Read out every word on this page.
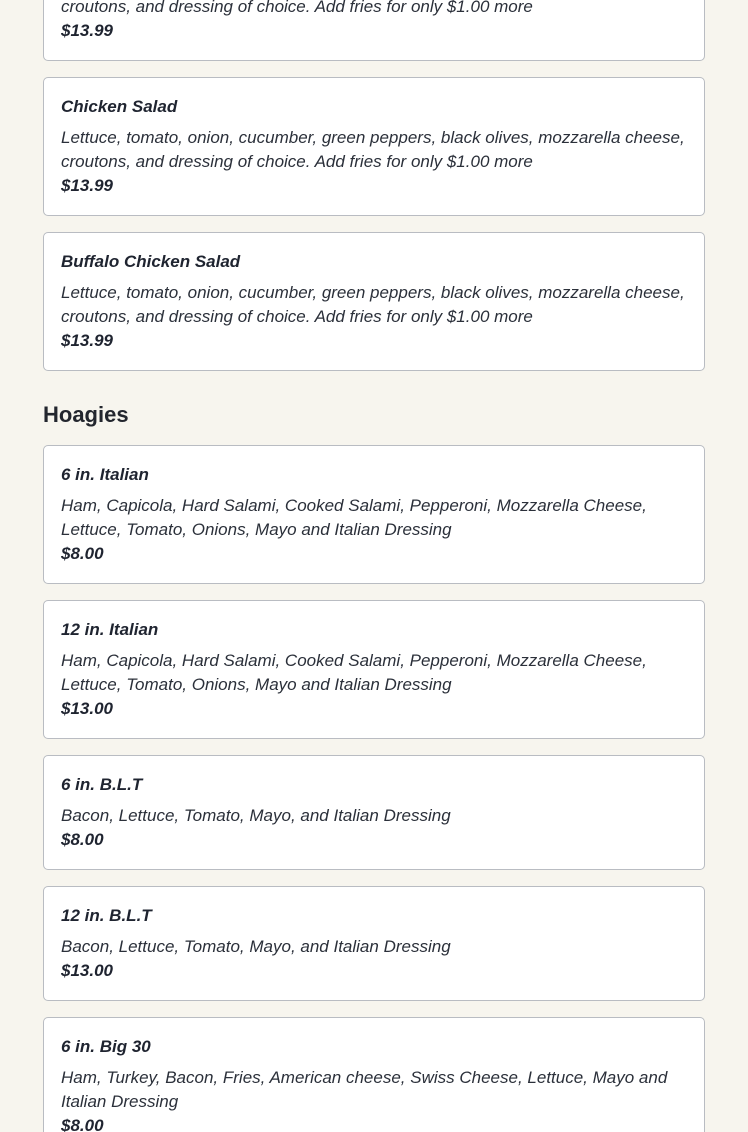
croutons, and dressing of choice. Add fries for only $1.00 more

$13.99

Chicken Salad

Lettuce, tomato, onion, cucumber, green peppers, black olives, mozzarella cheese, croutons, and dressing of choice. Add fries for only $1.00 more

$13.99

Buffalo Chicken Salad

Lettuce, tomato, onion, cucumber, green peppers, black olives, mozzarella cheese, croutons, and dressing of choice. Add fries for only $1.00 more

$13.99

Hoagies
6 in. Italian

Ham, Capicola, Hard Salami, Cooked Salami, Pepperoni, Mozzarella Cheese, Lettuce, Tomato, Onions, Mayo and Italian Dressing

$8.00

12 in. Italian

Ham, Capicola, Hard Salami, Cooked Salami, Pepperoni, Mozzarella Cheese, Lettuce, Tomato, Onions, Mayo and Italian Dressing

$13.00

6 in. B.L.T

Bacon, Lettuce, Tomato, Mayo, and Italian Dressing

$8.00

12 in. B.L.T

Bacon, Lettuce, Tomato, Mayo, and Italian Dressing

$13.00

6 in. Big 30

Ham, Turkey, Bacon, Fries, American cheese, Swiss Cheese, Lettuce, Mayo and Italian Dressing

$8.00
